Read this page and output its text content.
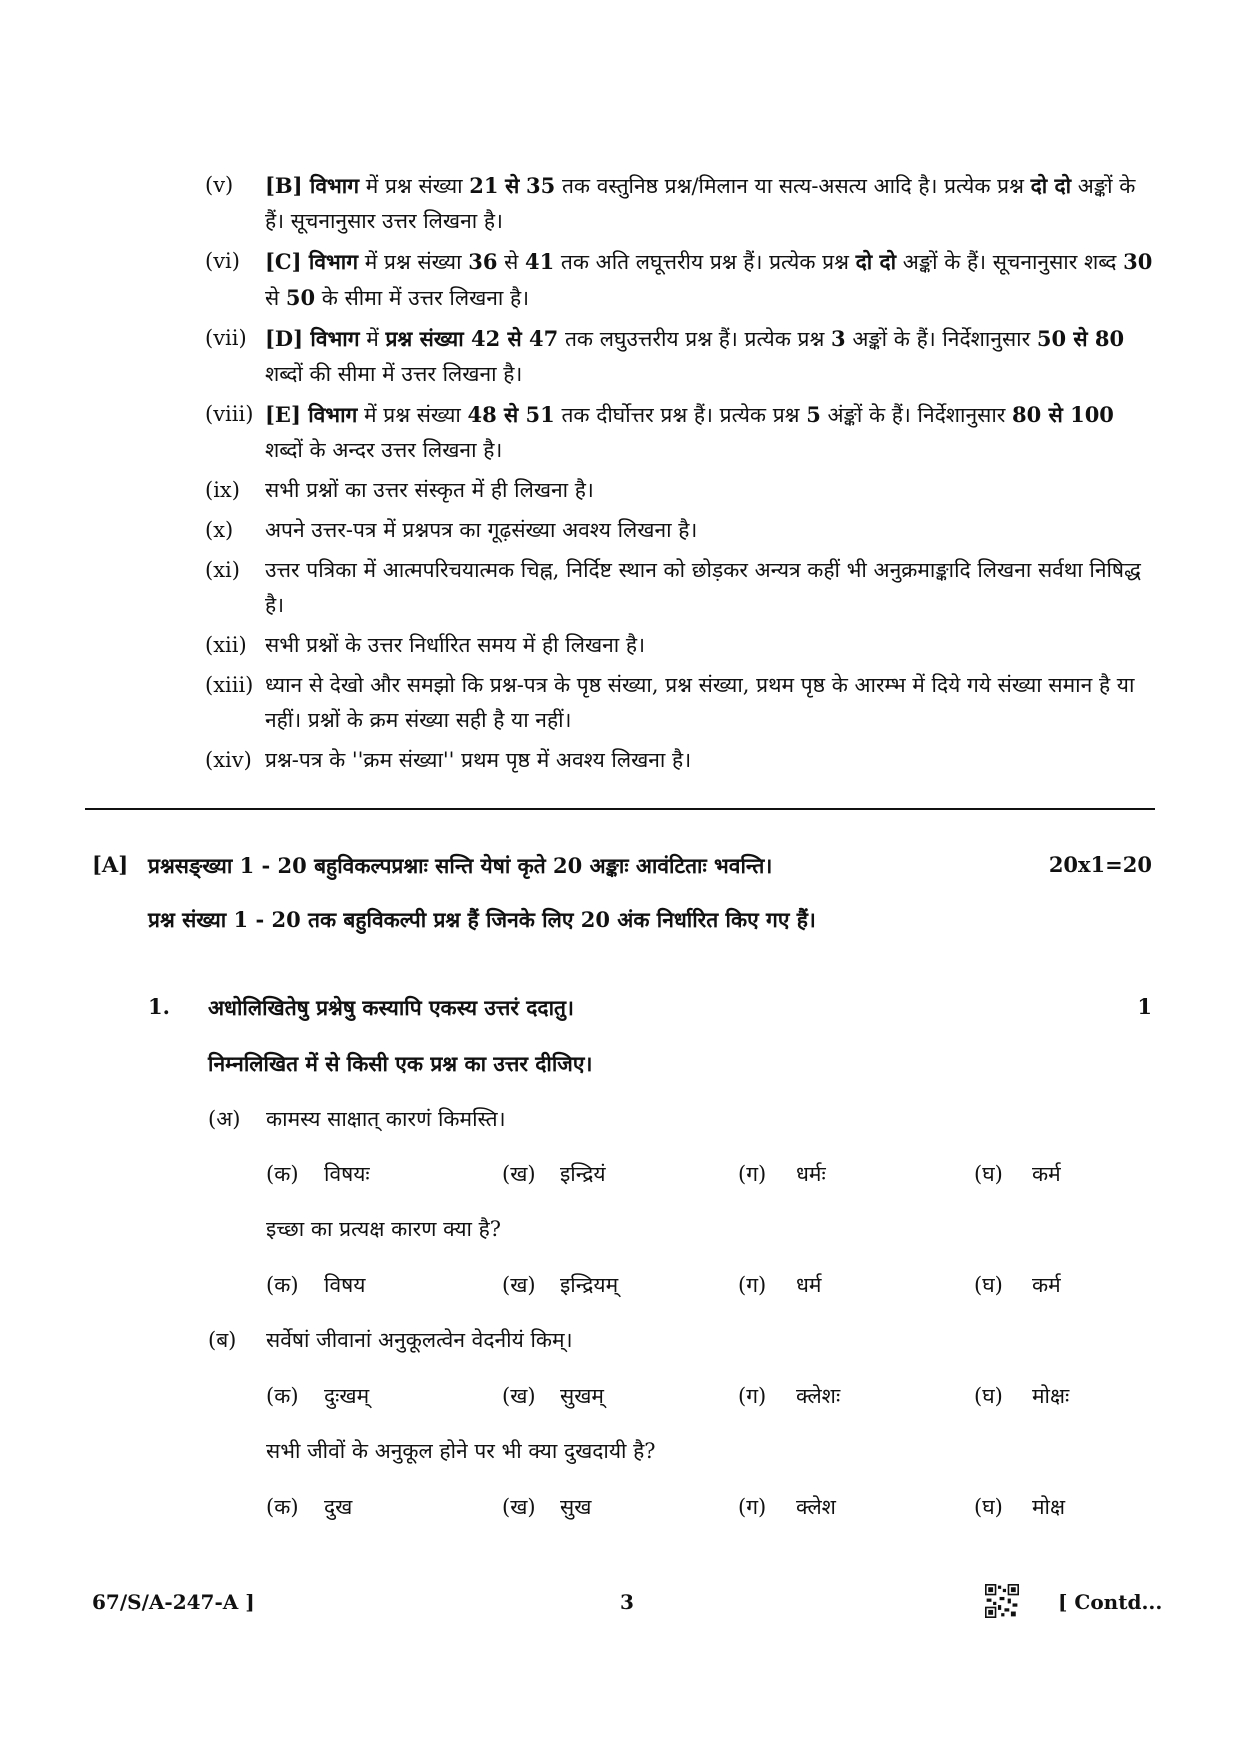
(v)	[B] विभाग में प्रश्न संख्या 21 से 35 तक वस्तुनिष्ठ प्रश्न/मिलान या सत्य-असत्य आदि है। प्रत्येक प्रश्न दो दो अङ्कों के हैं। सूचनानुसार उत्तर लिखना है।
(vi)	[C] विभाग में प्रश्न संख्या 36 से 41 तक अति लघूत्तरीय प्रश्न हैं। प्रत्येक प्रश्न दो दो अङ्कों के हैं। सूचनानुसार शब्द 30 से 50 के सीमा में उत्तर लिखना है।
(vii) [D] विभाग में प्रश्न संख्या 42 से 47 तक लघुउत्तरीय प्रश्न हैं। प्रत्येक प्रश्न 3 अङ्कों के हैं। निर्देशानुसार 50 से 80 शब्दों की सीमा में उत्तर लिखना है।
(viii) [E] विभाग में प्रश्न संख्या 48 से 51 तक दीर्घोत्तर प्रश्न हैं। प्रत्येक प्रश्न 5 अंङ्कों के हैं। निर्देशानुसार 80 से 100 शब्दों के अन्दर उत्तर लिखना है।
(ix)	सभी प्रश्नों का उत्तर संस्कृत में ही लिखना है।
(x)	अपने उत्तर-पत्र में प्रश्नपत्र का गूढ़संख्या अवश्य लिखना है।
(xi)	उत्तर पत्रिका में आत्मपरिचयात्मक चिह्न, निर्दिष्ट स्थान को छोड़कर अन्यत्र कहीं भी अनुक्रमाङ्कादि लिखना सर्वथा निषिद्ध है।
(xii) सभी प्रश्नों के उत्तर निर्धारित समय में ही लिखना है।
(xiii) ध्यान से देखो और समझो कि प्रश्न-पत्र के पृष्ठ संख्या, प्रश्न संख्या, प्रथम पृष्ठ के आरम्भ में दिये गये संख्या समान है या नहीं। प्रश्नों के क्रम संख्या सही है या नहीं।
(xiv) प्रश्न-पत्र के ''क्रम संख्या'' प्रथम पृष्ठ में अवश्य लिखना है।
[A] प्रश्नसङ्ख्या 1 - 20 बहुविकल्पप्रश्नाः सन्ति येषां कृते 20 अङ्काः आवंटिताः भवन्ति।	20x1=20
प्रश्न संख्या 1 - 20 तक बहुविकल्पी प्रश्न हैं जिनके लिए 20 अंक निर्धारित किए गए हैं।
1. अधोलिखितेषु प्रश्नेषु कस्यापि एकस्य उत्तरं ददातु।	1
निम्नलिखित में से किसी एक प्रश्न का उत्तर दीजिए।
(अ) कामस्य साक्षात् कारणं किमस्ति।
(क) विषयः	(ख) इन्द्रियं	(ग) धर्मः	(घ) कर्म
इच्छा का प्रत्यक्ष कारण क्या है?
(क) विषय	(ख) इन्द्रियम्	(ग) धर्म	(घ) कर्म
(ब) सर्वेषां जीवानां अनुकूलत्वेन वेदनीयं किम्।
(क) दुःखम्	(ख) सुखम्	(ग) क्लेशः	(घ) मोक्षः
सभी जीवों के अनुकूल होने पर भी क्या दुखदायी है?
(क) दुख	(ख) सुख	(ग) क्लेश	(घ) मोक्ष
67/S/A-247-A ]	3	[ Contd...
